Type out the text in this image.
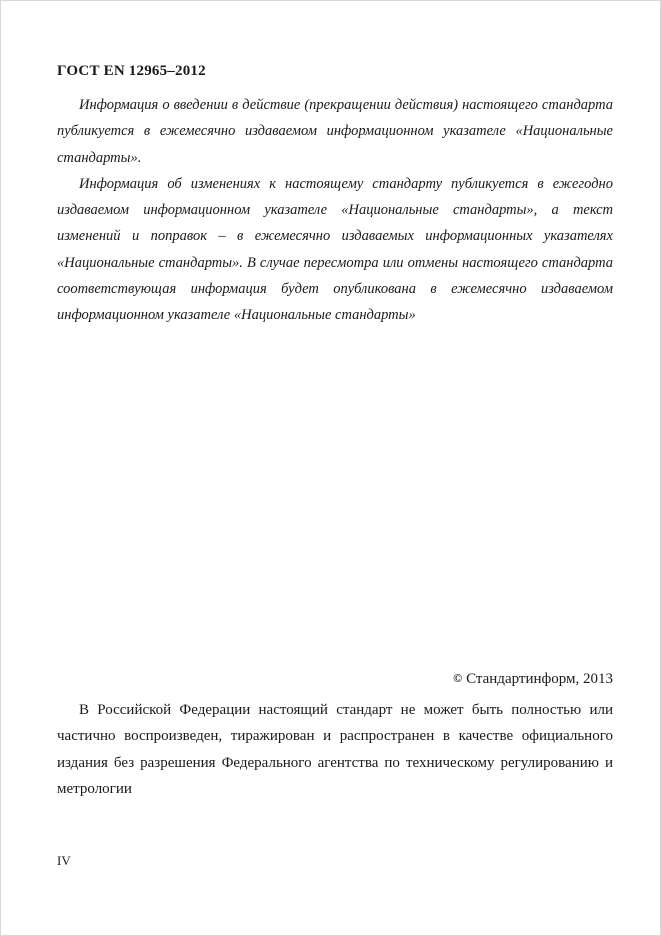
ГОСТ EN 12965–2012

Информация о введении в действие (прекращении действия) настоящего стандарта публикуется в ежемесячно издаваемом информационном указателе «Национальные стандарты».

Информация об изменениях к настоящему стандарту публикуется в ежегодно издаваемом информационном указателе «Национальные стандарты», а текст изменений и поправок – в ежемесячно издаваемых информационных указателях «Национальные стандарты». В случае пересмотра или отмены настоящего стандарта соответствующая информация будет опубликована в ежемесячно издаваемом информационном указателе «Национальные стандарты»

© Стандартинформ, 2013

В Российской Федерации настоящий стандарт не может быть полностью или частично воспроизведен, тиражирован и распространен в качестве официального издания без разрешения Федерального агентства по техническому регулированию и метрологии

IV
